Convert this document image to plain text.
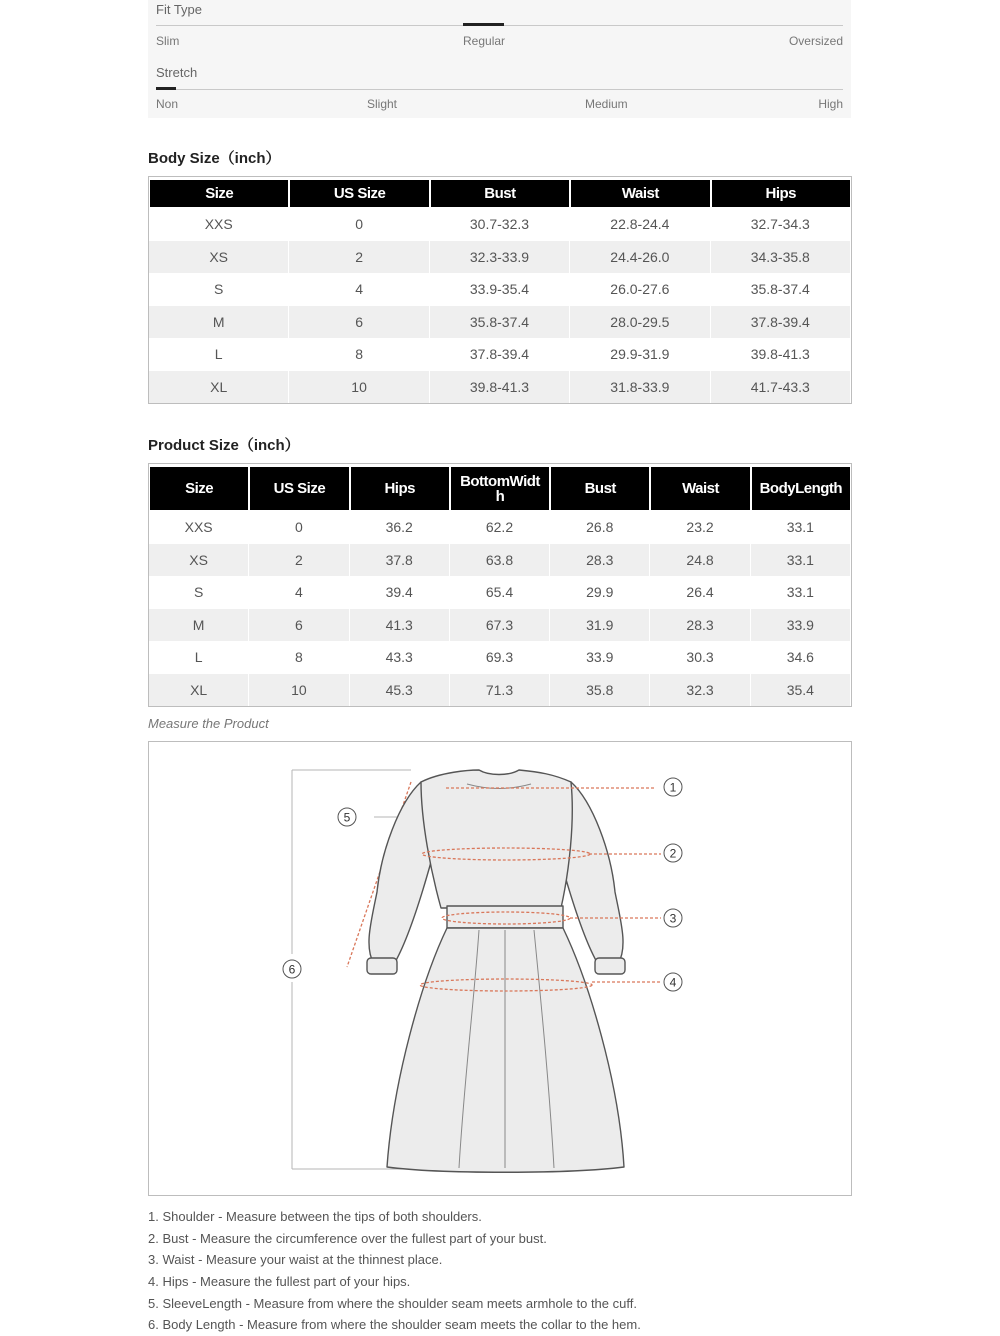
Fit Type
Slim	Regular	Oversized
Stretch
Non	Slight	Medium	High
Body Size（inch）
Size	US Size	Bust	Waist	Hips
XXS	0	30.7-32.3	22.8-24.4	32.7-34.3
XS	2	32.3-33.9	24.4-26.0	34.3-35.8
S	4	33.9-35.4	26.0-27.6	35.8-37.4
M	6	35.8-37.4	28.0-29.5	37.8-39.4
L	8	37.8-39.4	29.9-31.9	39.8-41.3
XL	10	39.8-41.3	31.8-33.9	41.7-43.3
Product Size（inch）
Size	US Size	Hips	BottomWidth	Bust	Waist	BodyLength
XXS	0	36.2	62.2	26.8	23.2	33.1
XS	2	37.8	63.8	28.3	24.8	33.1
S	4	39.4	65.4	29.9	26.4	33.1
M	6	41.3	67.3	31.9	28.3	33.9
L	8	43.3	69.3	33.9	30.3	34.6
XL	10	45.3	71.3	35.8	32.3	35.4
Measure the Product
1
2
3
4
5
6
1. Shoulder - Measure between the tips of both shoulders.
2. Bust - Measure the circumference over the fullest part of your bust.
3. Waist - Measure your waist at the thinnest place.
4. Hips - Measure the fullest part of your hips.
5. SleeveLength - Measure from where the shoulder seam meets armhole to the cuff.
6. Body Length - Measure from where the shoulder seam meets the collar to the hem.
